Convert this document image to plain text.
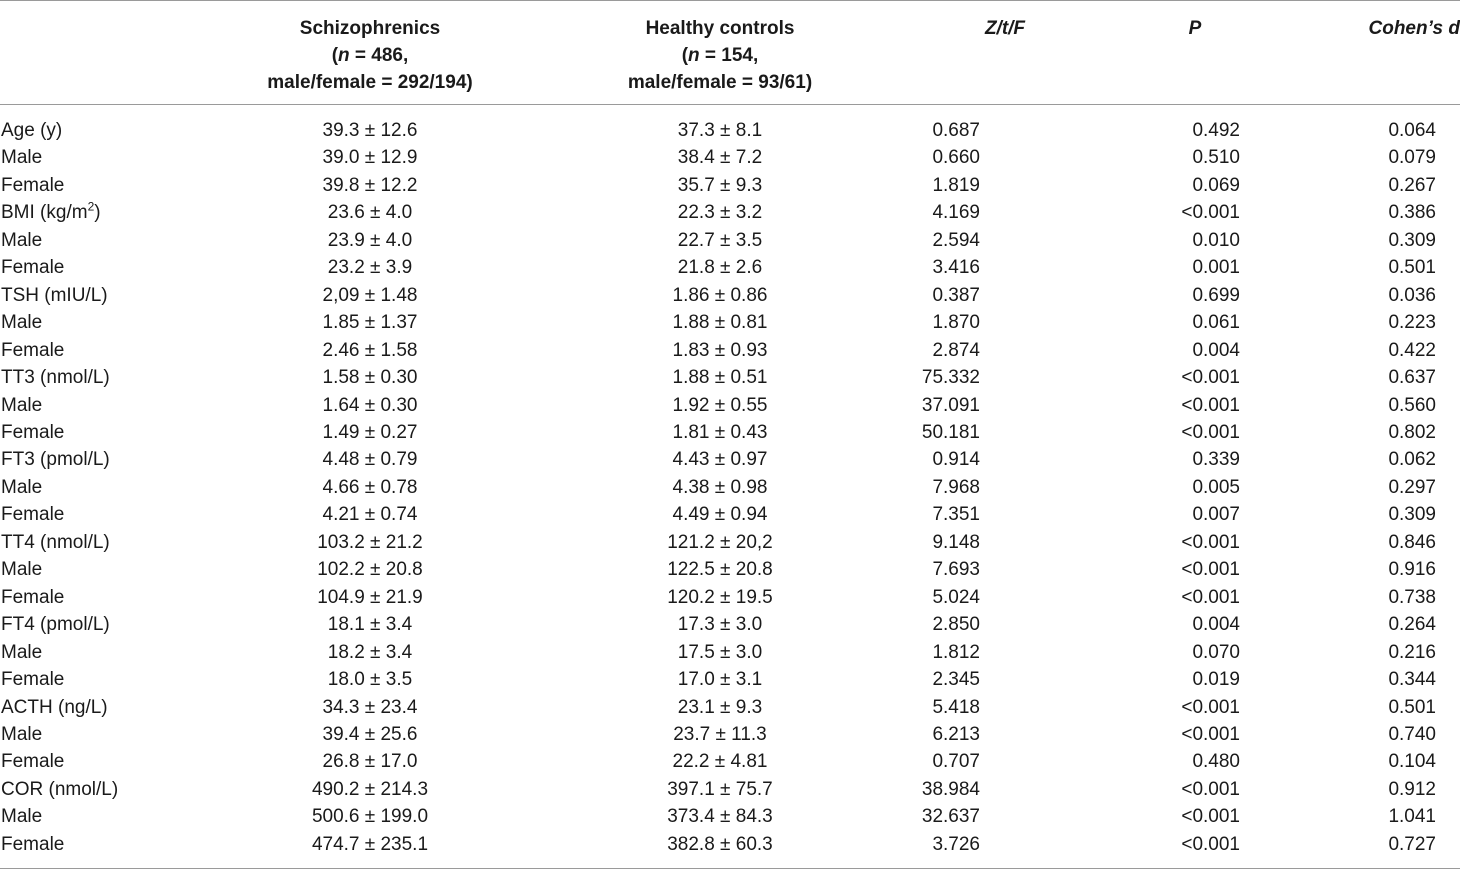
	Schizophrenics
(n = 486,
male/female = 292/194)	Healthy controls
(n = 154,
male/female = 93/61)	Z/t/F	P	Cohen’s d
Age (y)	39.3 ± 12.6	37.3 ± 8.1	0.687	0.492	0.064
Male	39.0 ± 12.9	38.4 ± 7.2	0.660	0.510	0.079
Female	39.8 ± 12.2	35.7 ± 9.3	1.819	0.069	0.267
BMI $(kg/m^2)$	23.6 ± 4.0	22.3 ± 3.2	4.169	<0.001	0.386
Male	23.9 ± 4.0	22.7 ± 3.5	2.594	0.010	0.309
Female	23.2 ± 3.9	21.8 ± 2.6	3.416	0.001	0.501
TSH (mIU/L)	2,09 ± 1.48	1.86 ± 0.86	0.387	0.699	0.036
Male	1.85 ± 1.37	1.88 ± 0.81	1.870	0.061	0.223
Female	2.46 ± 1.58	1.83 ± 0.93	2.874	0.004	0.422
TT3 (nmol/L)	1.58 ± 0.30	1.88 ± 0.51	75.332	<0.001	0.637
Male	1.64 ± 0.30	1.92 ± 0.55	37.091	<0.001	0.560
Female	1.49 ± 0.27	1.81 ± 0.43	50.181	<0.001	0.802
FT3 (pmol/L)	4.48 ± 0.79	4.43 ± 0.97	0.914	0.339	0.062
Male	4.66 ± 0.78	4.38 ± 0.98	7.968	0.005	0.297
Female	4.21 ± 0.74	4.49 ± 0.94	7.351	0.007	0.309
TT4 (nmol/L)	103.2 ± 21.2	121.2 ± 20,2	9.148	<0.001	0.846
Male	102.2 ± 20.8	122.5 ± 20.8	7.693	<0.001	0.916
Female	104.9 ± 21.9	120.2 ± 19.5	5.024	<0.001	0.738
FT4 (pmol/L)	18.1 ± 3.4	17.3 ± 3.0	2.850	0.004	0.264
Male	18.2 ± 3.4	17.5 ± 3.0	1.812	0.070	0.216
Female	18.0 ± 3.5	17.0 ± 3.1	2.345	0.019	0.344
ACTH (ng/L)	34.3 ± 23.4	23.1 ± 9.3	5.418	<0.001	0.501
Male	39.4 ± 25.6	23.7 ± 11.3	6.213	<0.001	0.740
Female	26.8 ± 17.0	22.2 ± 4.81	0.707	0.480	0.104
COR (nmol/L)	490.2 ± 214.3	397.1 ± 75.7	38.984	<0.001	0.912
Male	500.6 ± 199.0	373.4 ± 84.3	32.637	<0.001	1.041
Female	474.7 ± 235.1	382.8 ± 60.3	3.726	<0.001	0.727
